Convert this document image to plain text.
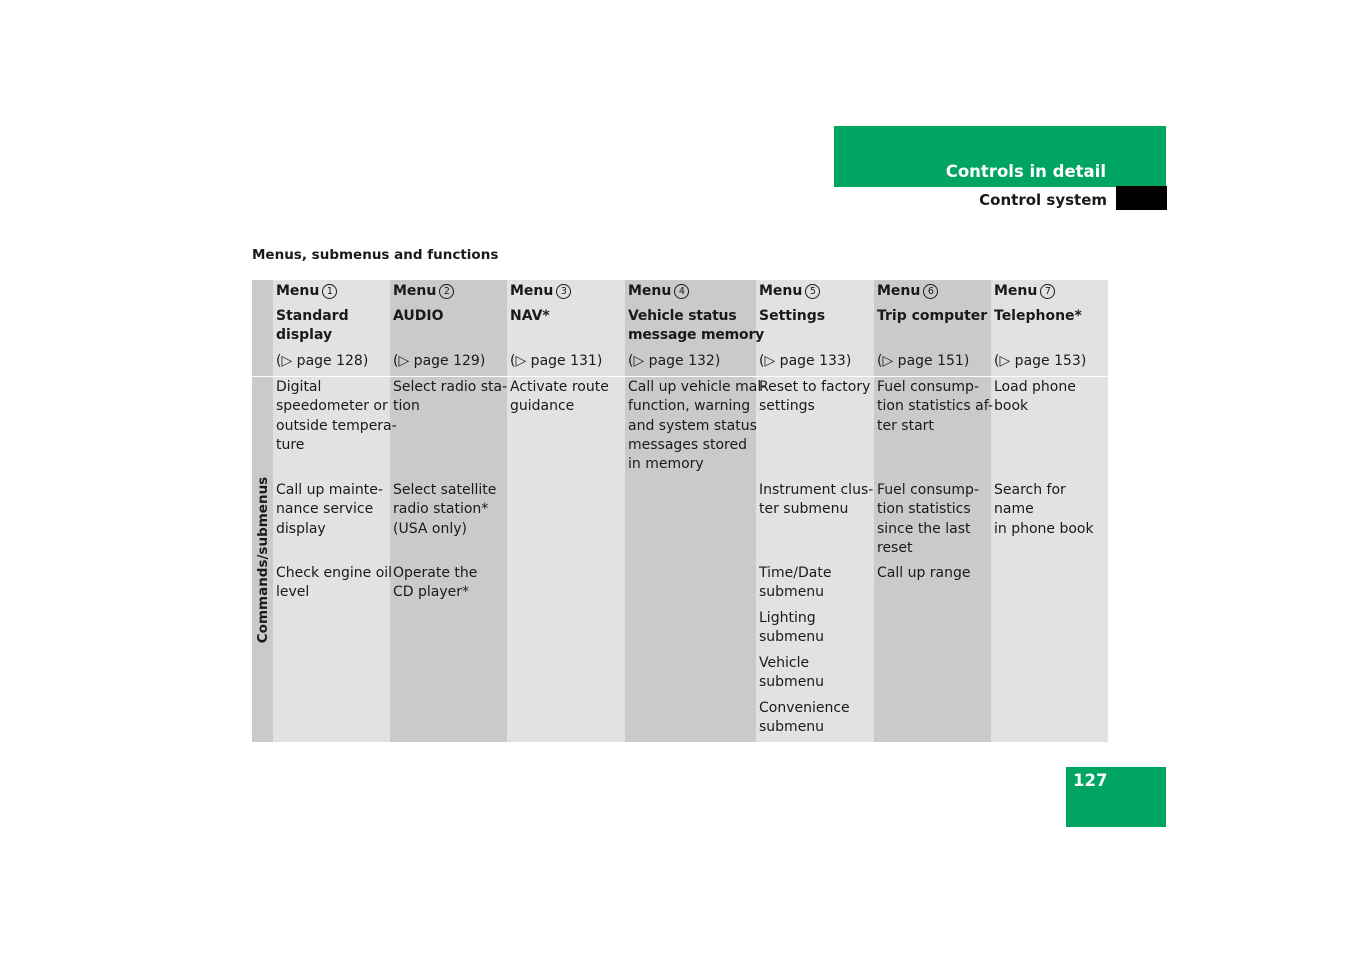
Controls in detail
Control system
Menus, submenus and functions
Commands/submenus
Menu 1
Standard
display
(▷ page 128)
Digital
speedometer or
outside tempera-
ture
Call up mainte-
nance service
display
Check engine oil
level
Menu 2
AUDIO
(▷ page 129)
Select radio sta-
tion
Select satellite
radio station*
(USA only)
Operate the
CD player*
Menu 3
NAV*
(▷ page 131)
Activate route
guidance
Menu 4
Vehicle status
message memory
(▷ page 132)
Call up vehicle mal-
function, warning
and system status
messages stored
in memory
Menu 5
Settings
(▷ page 133)
Reset to factory
settings
Instrument clus-
ter submenu
Time/Date
submenu
Lighting
submenu
Vehicle
submenu
Convenience
submenu
Menu 6
Trip computer
(▷ page 151)
Fuel consump-
tion statistics af-
ter start
Fuel consump-
tion statistics
since the last
reset
Call up range
Menu 7
Telephone*
(▷ page 153)
Load phone
book
Search for name
in phone book
127
